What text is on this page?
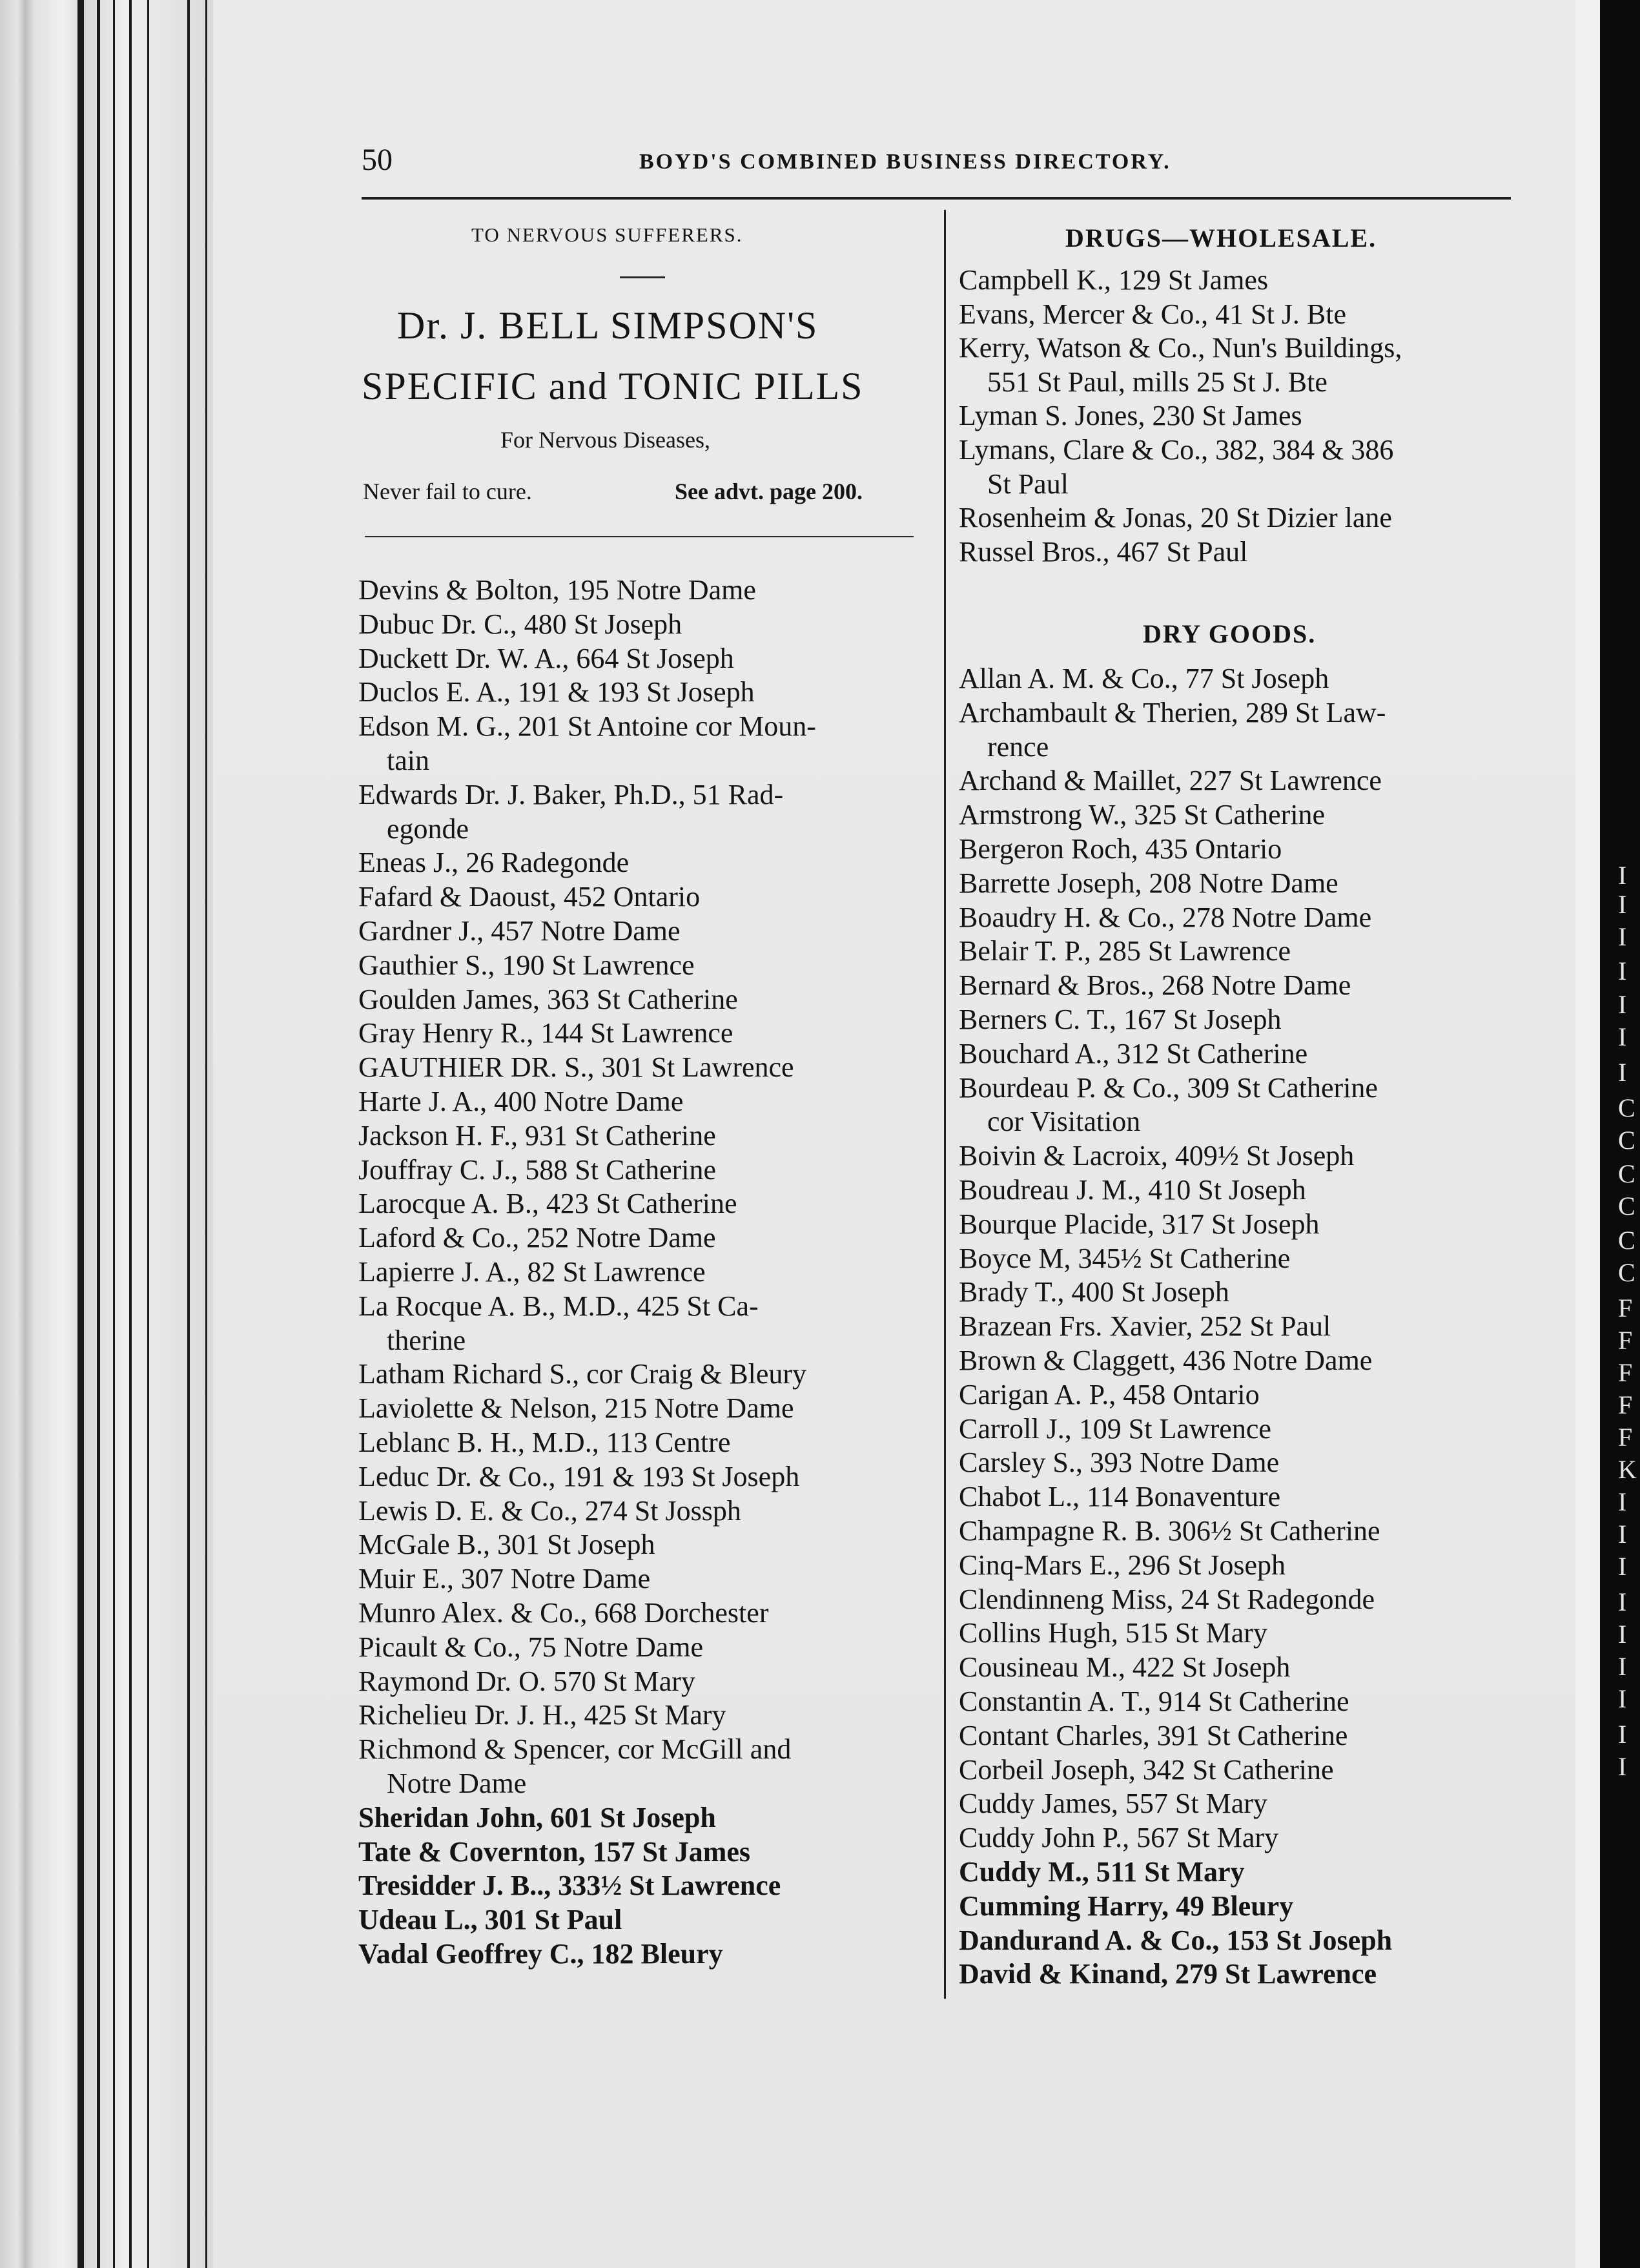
I
I
I
I
I
I
I
C
C
C
C
C
C
F
F
F
F
F
K
I
I
I
I
I
I
I
I
I
50	BOYD'S COMBINED BUSINESS DIRECTORY.
TO NERVOUS SUFFERERS.
Dr. J. BELL SIMPSON'S
SPECIFIC and TONIC PILLS
For Nervous Diseases,
Never fail to cure.	See advt. page 200.
Devins & Bolton, 195 Notre Dame
Dubuc Dr. C., 480 St Joseph
Duckett Dr. W. A., 664 St Joseph
Duclos E. A., 191 & 193 St Joseph
Edson M. G., 201 St Antoine cor Moun-
tain
Edwards Dr. J. Baker, Ph.D., 51 Rad-
egonde
Eneas J., 26 Radegonde
Fafard & Daoust, 452 Ontario
Gardner J., 457 Notre Dame
Gauthier S., 190 St Lawrence
Goulden James, 363 St Catherine
Gray Henry R., 144 St Lawrence
GAUTHIER DR. S., 301 St Lawrence
Harte J. A., 400 Notre Dame
Jackson H. F., 931 St Catherine
Jouffray C. J., 588 St Catherine
Larocque A. B., 423 St Catherine
Laford & Co., 252 Notre Dame
Lapierre J. A., 82 St Lawrence
La Rocque A. B., M.D., 425 St Ca-
therine
Latham Richard S., cor Craig & Bleury
Laviolette & Nelson, 215 Notre Dame
Leblanc B. H., M.D., 113 Centre
Leduc Dr. & Co., 191 & 193 St Joseph
Lewis D. E. & Co., 274 St Jossph
McGale B., 301 St Joseph
Muir E., 307 Notre Dame
Munro Alex. & Co., 668 Dorchester
Picault & Co., 75 Notre Dame
Raymond Dr. O. 570 St Mary
Richelieu Dr. J. H., 425 St Mary
Richmond & Spencer, cor McGill and
Notre Dame
Sheridan John, 601 St Joseph
Tate & Covernton, 157 St James
Tresidder J. B.., 333½ St Lawrence
Udeau L., 301 St Paul
Vadal Geoffrey C., 182 Bleury
DRUGS—WHOLESALE.
Campbell K., 129 St James
Evans, Mercer & Co., 41 St J. Bte
Kerry, Watson & Co., Nun's Buildings,
551 St Paul, mills 25 St J. Bte
Lyman S. Jones, 230 St James
Lymans, Clare & Co., 382, 384 & 386
St Paul
Rosenheim & Jonas, 20 St Dizier lane
Russel Bros., 467 St Paul
DRY GOODS.
Allan A. M. & Co., 77 St Joseph
Archambault & Therien, 289 St Law-
rence
Archand & Maillet, 227 St Lawrence
Armstrong W., 325 St Catherine
Bergeron Roch, 435 Ontario
Barrette Joseph, 208 Notre Dame
Boaudry H. & Co., 278 Notre Dame
Belair T. P., 285 St Lawrence
Bernard & Bros., 268 Notre Dame
Berners C. T., 167 St Joseph
Bouchard A., 312 St Catherine
Bourdeau P. & Co., 309 St Catherine
cor Visitation
Boivin & Lacroix, 409½ St Joseph
Boudreau J. M., 410 St Joseph
Bourque Placide, 317 St Joseph
Boyce M, 345½ St Catherine
Brady T., 400 St Joseph
Brazean Frs. Xavier, 252 St Paul
Brown & Claggett, 436 Notre Dame
Carigan A. P., 458 Ontario
Carroll J., 109 St Lawrence
Carsley S., 393 Notre Dame
Chabot L., 114 Bonaventure
Champagne R. B. 306½ St Catherine
Cinq-Mars E., 296 St Joseph
Clendinneng Miss, 24 St Radegonde
Collins Hugh, 515 St Mary
Cousineau M., 422 St Joseph
Constantin A. T., 914 St Catherine
Contant Charles, 391 St Catherine
Corbeil Joseph, 342 St Catherine
Cuddy James, 557 St Mary
Cuddy John P., 567 St Mary
Cuddy M., 511 St Mary
Cumming Harry, 49 Bleury
Dandurand A. & Co., 153 St Joseph
David & Kinand, 279 St Lawrence
